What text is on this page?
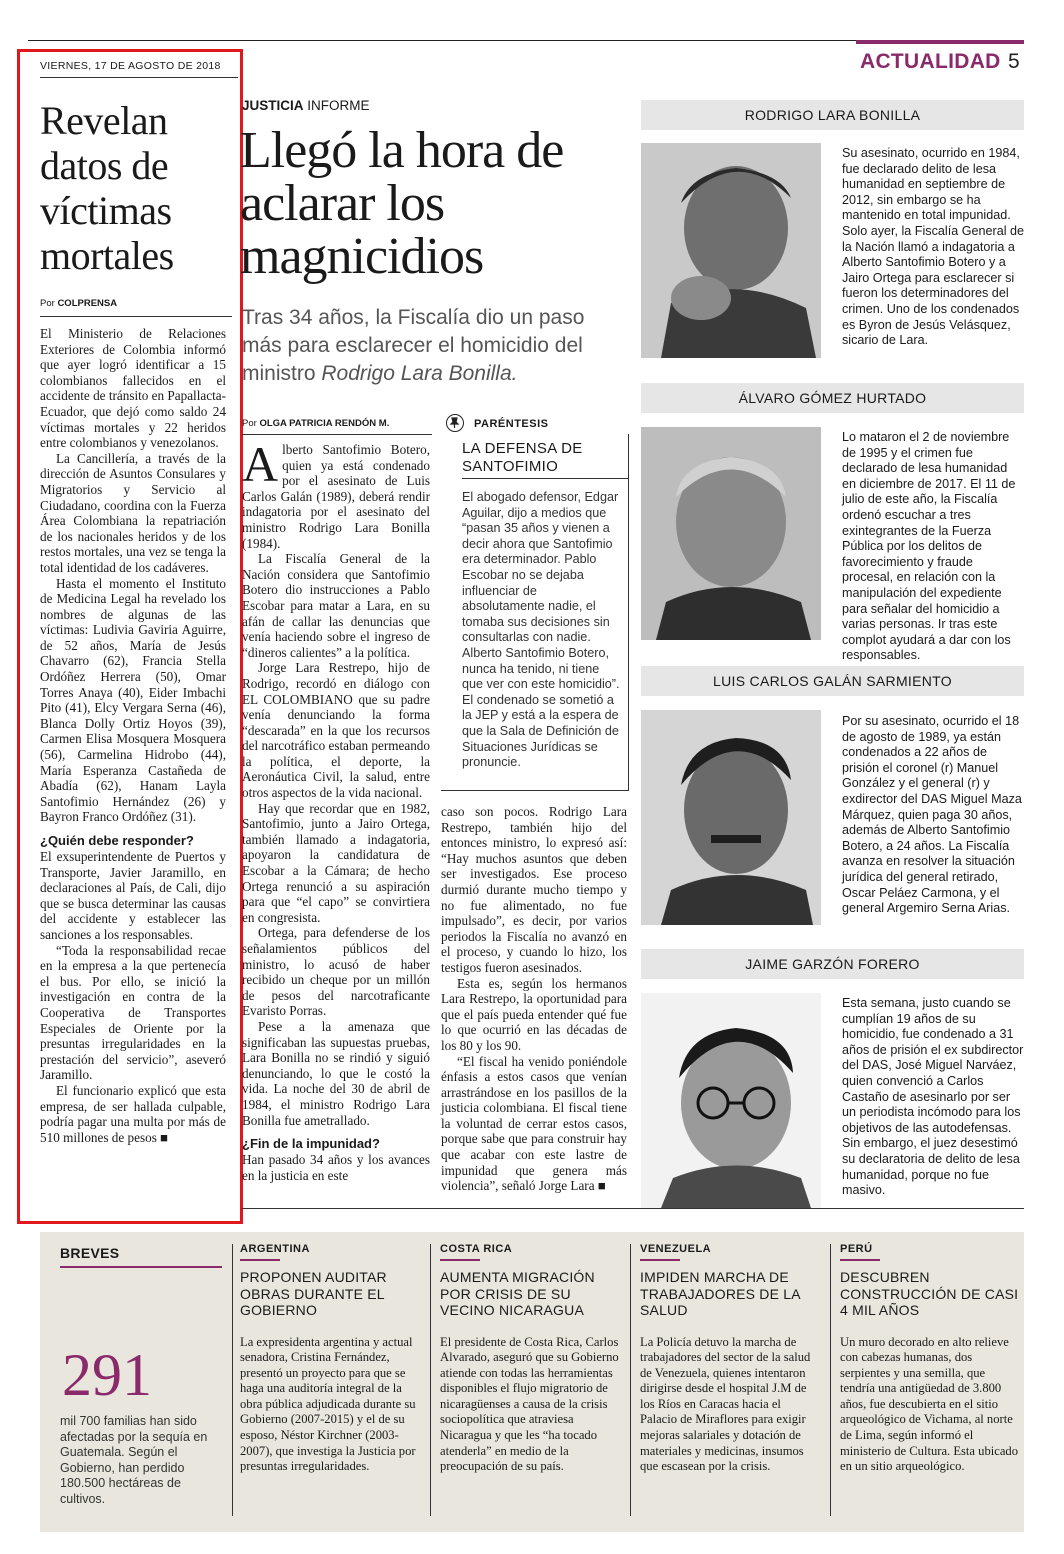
VIERNES, 17 DE AGOSTO DE 2018	ACTUALIDAD 5
Revelan datos de víctimas mortales
Por COLPRENSA

El Ministerio de Relaciones Exteriores de Colombia informó que ayer logró identificar a 15 colombianos fallecidos en el accidente de tránsito en Papallacta-Ecuador, que dejó como saldo 24 víctimas mortales y 22 heridos entre colombianos y venezolanos.

La Cancillería, a través de la dirección de Asuntos Consulares y Migratorios y Servicio al Ciudadano, coordina con la Fuerza Área Colombiana la repatriación de los nacionales heridos y de los restos mortales, una vez se tenga la total identidad de los cadáveres.

Hasta el momento el Instituto de Medicina Legal ha revelado los nombres de algunas de las víctimas: Ludivia Gaviria Aguirre, de 52 años, María de Jesús Chavarro (62), Francia Stella Ordóñez Herrera (50), Omar Torres Anaya (40), Eider Imbachi Pito (41), Elcy Vergara Serna (46), Blanca Dolly Ortiz Hoyos (39), Carmen Elisa Mosquera Mosquera (56), Carmelina Hidrobo (44), María Esperanza Castañeda de Abadía (62), Hanam Layla Santofimio Hernández (26) y Bayron Franco Ordóñez (31).

¿Quién debe responder?

El exsuperintendente de Puertos y Transporte, Javier Jaramillo, en declaraciones al País, de Cali, dijo que se busca determinar las causas del accidente y establecer las sanciones a los responsables.

“Toda la responsabilidad recae en la empresa a la que pertenecía el bus. Por ello, se inició la investigación en contra de la Cooperativa de Transportes Especiales de Oriente por la presuntas irregularidades en la prestación del servicio”, aseveró Jaramillo.

El funcionario explicó que esta empresa, de ser hallada culpable, podría pagar una multa por más de 510 millones de pesos ■

JUSTICIA INFORME
Llegó la hora de aclarar los magnicidios
Tras 34 años, la Fiscalía dio un paso más para esclarecer el homicidio del ministro Rodrigo Lara Bonilla.
Por OLGA PATRICIA RENDÓN M.

Alberto Santofimio Botero, quien ya está condenado por el asesinato de Luis Carlos Galán (1989), deberá rendir indagatoria por el asesinato del ministro Rodrigo Lara Bonilla (1984).

La Fiscalía General de la Nación considera que Santofimio Botero dio instrucciones a Pablo Escobar para matar a Lara, en su afán de callar las denuncias que venía haciendo sobre el ingreso de “dineros calientes” a la política.

Jorge Lara Restrepo, hijo de Rodrigo, recordó en diálogo con EL COLOMBIANO que su padre venía denunciando la forma “descarada” en la que los recursos del narcotráfico estaban permeando la política, el deporte, la Aeronáutica Civil, la salud, entre otros aspectos de la vida nacional.

Hay que recordar que en 1982, Santofimio, junto a Jairo Ortega, también llamado a indagatoria, apoyaron la candidatura de Escobar a la Cámara; de hecho Ortega renunció a su aspiración para que “el capo” se convirtiera en congresista.

Ortega, para defenderse de los señalamientos públicos del ministro, lo acusó de haber recibido un cheque por un millón de pesos del narcotraficante Evaristo Porras.

Pese a la amenaza que significaban las supuestas pruebas, Lara Bonilla no se rindió y siguió denunciando, lo que le costó la vida. La noche del 30 de abril de 1984, el ministro Rodrigo Lara Bonilla fue ametrallado.

¿Fin de la impunidad?

Han pasado 34 años y los avances en la justicia en este

PARÉNTESIS
LA DEFENSA DE SANTOFIMIO
El abogado defensor, Edgar Aguilar, dijo a medios que “pasan 35 años y vienen a decir ahora que Santofimio era determinador. Pablo Escobar no se dejaba influenciar de absolutamente nadie, el tomaba sus decisiones sin consultarlas con nadie. Alberto Santofimio Botero, nunca ha tenido, ni tiene que ver con este homicidio”. El condenado se sometió a la JEP y está a la espera de que la Sala de Definición de Situaciones Jurídicas se pronuncie.

caso son pocos. Rodrigo Lara Restrepo, también hijo del entonces ministro, lo expresó así: “Hay muchos asuntos que deben ser investigados. Ese proceso durmió durante mucho tiempo y no fue alimentado, no fue impulsado”, es decir, por varios periodos la Fiscalía no avanzó en el proceso, y cuando lo hizo, los testigos fueron asesinados.

Esta es, según los hermanos Lara Restrepo, la oportunidad para que el país pueda entender qué fue lo que ocurrió en las décadas de los 80 y los 90.

“El fiscal ha venido poniéndole énfasis a estos casos que venían arrastrándose en los pasillos de la justicia colombiana. El fiscal tiene la voluntad de cerrar estos casos, porque sabe que para construir hay que acabar con este lastre de impunidad que genera más violencia”, señaló Jorge Lara ■

RODRIGO LARA BONILLA
Su asesinato, ocurrido en 1984, fue declarado delito de lesa humanidad en septiembre de 2012, sin embargo se ha mantenido en total impunidad. Solo ayer, la Fiscalía General de la Nación llamó a indagatoria a Alberto Santofimio Botero y a Jairo Ortega para esclarecer si fueron los determinadores del crimen. Uno de los condenados es Byron de Jesús Velásquez, sicario de Lara.
ÁLVARO GÓMEZ HURTADO
Lo mataron el 2 de noviembre de 1995 y el crimen fue declarado de lesa humanidad en diciembre de 2017. El 11 de julio de este año, la Fiscalía ordenó escuchar a tres exintegrantes de la Fuerza Pública por los delitos de favorecimiento y fraude procesal, en relación con la manipulación del expediente para señalar del homicidio a varias personas. Ir tras este complot ayudará a dar con los responsables.
LUIS CARLOS GALÁN SARMIENTO
Por su asesinato, ocurrido el 18 de agosto de 1989, ya están condenados a 22 años de prisión el coronel (r) Manuel González y el general (r) y exdirector del DAS Miguel Maza Márquez, quien paga 30 años, además de Alberto Santofimio Botero, a 24 años. La Fiscalía avanza en resolver la situación jurídica del general retirado, Oscar Peláez Carmona, y el general Argemiro Serna Arias.
JAIME GARZÓN FORERO
Esta semana, justo cuando se cumplían 19 años de su homicidio, fue condenado a 31 años de prisión el ex subdirector del DAS, José Miguel Narváez, quien convenció a Carlos Castaño de asesinarlo por ser un periodista incómodo para los objetivos de las autodefensas. Sin embargo, el juez desestimó su declaratoria de delito de lesa humanidad, porque no fue masivo.
BREVES
291
mil 700 familias han sido afectadas por la sequía en Guatemala. Según el Gobierno, han perdido 180.500 hectáreas de cultivos.
ARGENTINA
PROPONEN AUDITAR OBRAS DURANTE EL GOBIERNO
La expresidenta argentina y actual senadora, Cristina Fernández, presentó un proyecto para que se haga una auditoría integral de la obra pública adjudicada durante su Gobierno (2007-2015) y el de su esposo, Néstor Kirchner (2003-2007), que investiga la Justicia por presuntas irregularidades.
COSTA RICA
AUMENTA MIGRACIÓN POR CRISIS DE SU VECINO NICARAGUA
El presidente de Costa Rica, Carlos Alvarado, aseguró que su Gobierno atiende con todas las herramientas disponibles el flujo migratorio de nicaragüenses a causa de la crisis sociopolítica que atraviesa Nicaragua y que les “ha tocado atenderla” en medio de la preocupación de su país.
VENEZUELA
IMPIDEN MARCHA DE TRABAJADORES DE LA SALUD
La Policía detuvo la marcha de trabajadores del sector de la salud de Venezuela, quienes intentaron dirigirse desde el hospital J.M de los Ríos en Caracas hacia el Palacio de Miraflores para exigir mejoras salariales y dotación de materiales y medicinas, insumos que escasean por la crisis.
PERÚ
DESCUBREN CONSTRUCCIÓN DE CASI 4 MIL AÑOS
Un muro decorado en alto relieve con cabezas humanas, dos serpientes y una semilla, que tendría una antigüedad de 3.800 años, fue descubierta en el sitio arqueológico de Vichama, al norte de Lima, según informó el ministerio de Cultura. Esta ubicado en un sitio arqueológico.
